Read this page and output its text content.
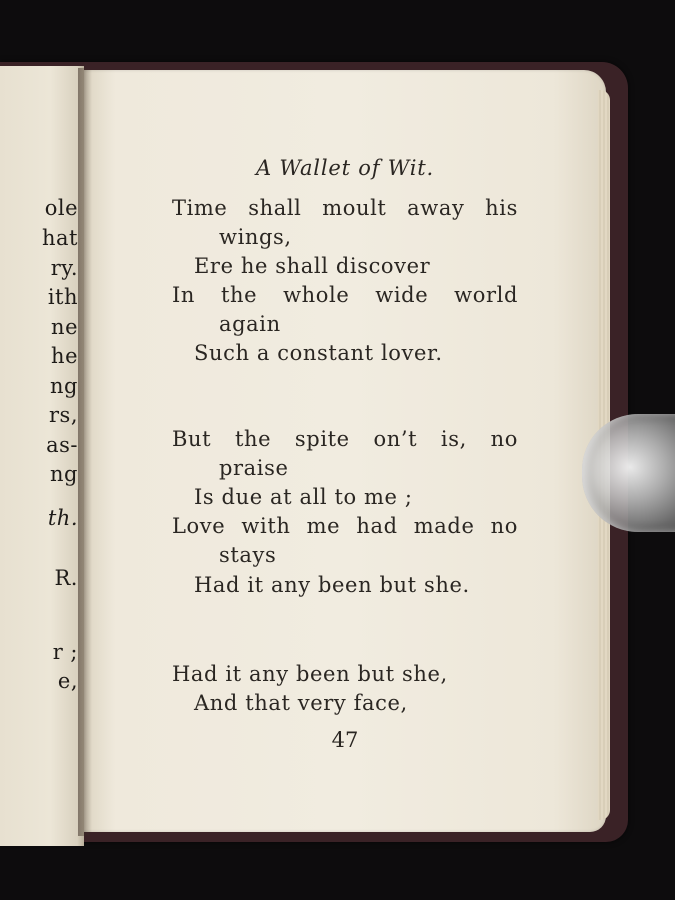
ole
hat
ry.
ith
ne
he
ng
rs,
as-
ng
th.
R.
r ;
e,
A Wallet of Wit.
Time shall moult away his
wings,
Ere he shall discover
In the whole wide world
again
Such a constant lover.
But the spite on’t is, no
praise
Is due at all to me ;
Love with me had made no
stays
Had it any been but she.
Had it any been but she,
And that very face,
47
